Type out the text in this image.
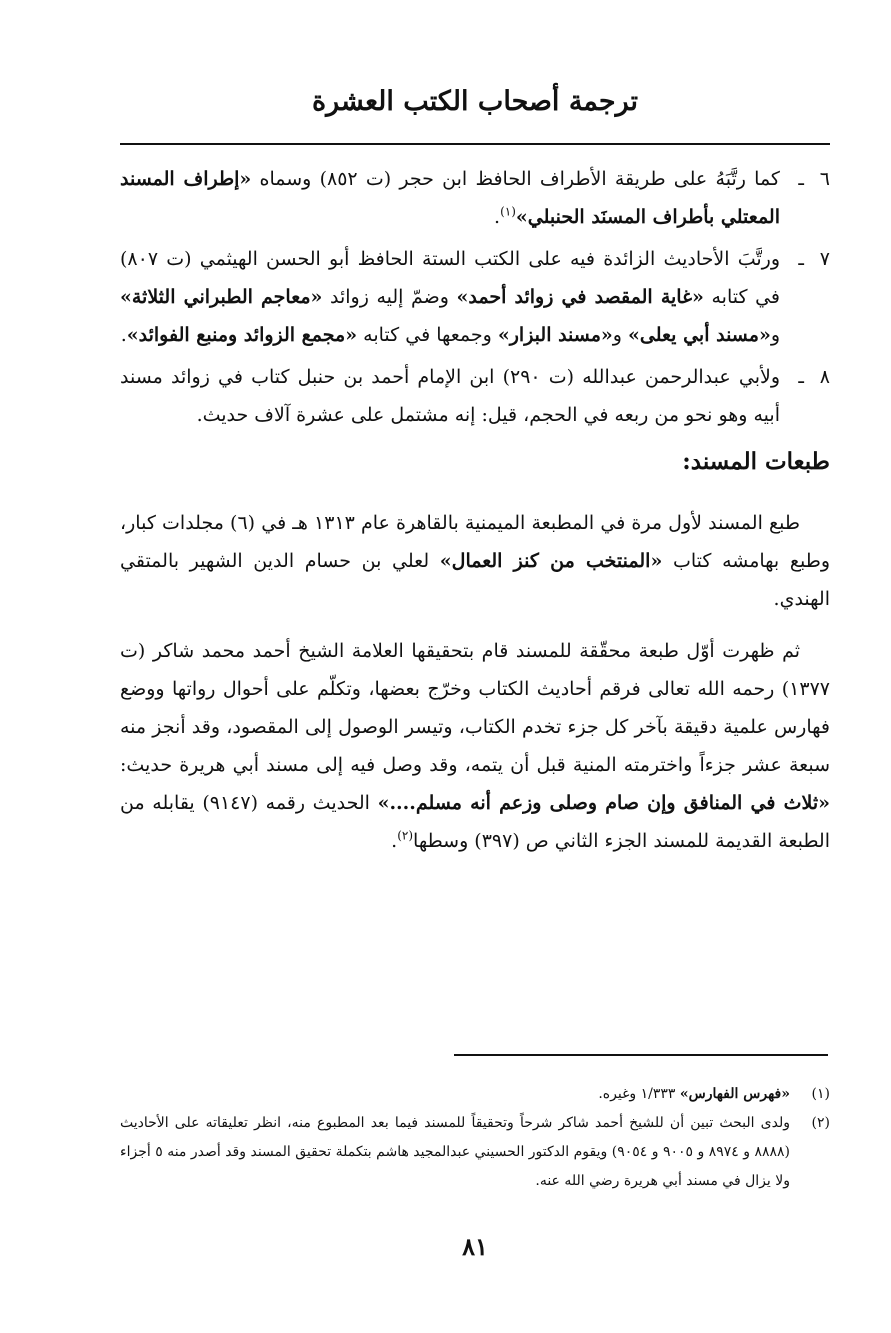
ترجمة أصحاب الكتب العشرة
٦
ـ
كما رتَّبَهُ على طريقة الأطراف الحافظ ابن حجر (ت ٨٥٢) وسماه «إطراف المسند المعتلي بأطراف المسنَد الحنبلي»$^{(١)}$.
٧
ـ
ورتَّبَ الأحاديث الزائدة فيه على الكتب الستة الحافظ أبو الحسن الهيثمي (ت ٨٠٧) في كتابه «غاية المقصد في زوائد أحمد» وضمّ إليه زوائد «معاجم الطبراني الثلاثة» و«مسند أبي يعلى» و«مسند البزار» وجمعها في كتابه «مجمع الزوائد ومنبع الفوائد».
٨
ـ
ولأبي عبدالرحمن عبدالله (ت ٢٩٠) ابن الإمام أحمد بن حنبل كتاب في زوائد مسند أبيه وهو نحو من ربعه في الحجم، قيل: إنه مشتمل على عشرة آلاف حديث.
طبعات المسند:

طبع المسند لأول مرة في المطبعة الميمنية بالقاهرة عام ١٣١٣ هـ في (٦) مجلدات كبار، وطبع بهامشه كتاب «المنتخب من كنز العمال» لعلي بن حسام الدين الشهير بالمتقي الهندي.

ثم ظهرت أوّل طبعة محقّقة للمسند قام بتحقيقها العلامة الشيخ أحمد محمد شاكر (ت ١٣٧٧) رحمه الله تعالى فرقم أحاديث الكتاب وخرّج بعضها، وتكلّم على أحوال رواتها ووضع فهارس علمية دقيقة بآخر كل جزء تخدم الكتاب، وتيسر الوصول إلى المقصود، وقد أنجز منه سبعة عشر جزءاً واخترمته المنية قبل أن يتمه، وقد وصل فيه إلى مسند أبي هريرة حديث: «ثلاث في المنافق وإن صام وصلى وزعم أنه مسلم....» الحديث رقمه (٩١٤٧) يقابله من الطبعة القديمة للمسند الجزء الثاني ص (٣٩٧) وسطها$^{(٢)}$.

(١)
«فهرس الفهارس» ١/٣٣٣ وغيره.
(٢)
ولدى البحث تبين أن للشيخ أحمد شاكر شرحاً وتحقيقاً للمسند فيما بعد المطبوع منه، انظر تعليقاته على الأحاديث (٨٨٨٨ و ٨٩٧٤ و ٩٠٠٥ و ٩٠٥٤) ويقوم الدكتور الحسيني عبدالمجيد هاشم بتكملة تحقيق المسند وقد أصدر منه ٥ أجزاء ولا يزال في مسند أبي هريرة رضي الله عنه.
٨١
